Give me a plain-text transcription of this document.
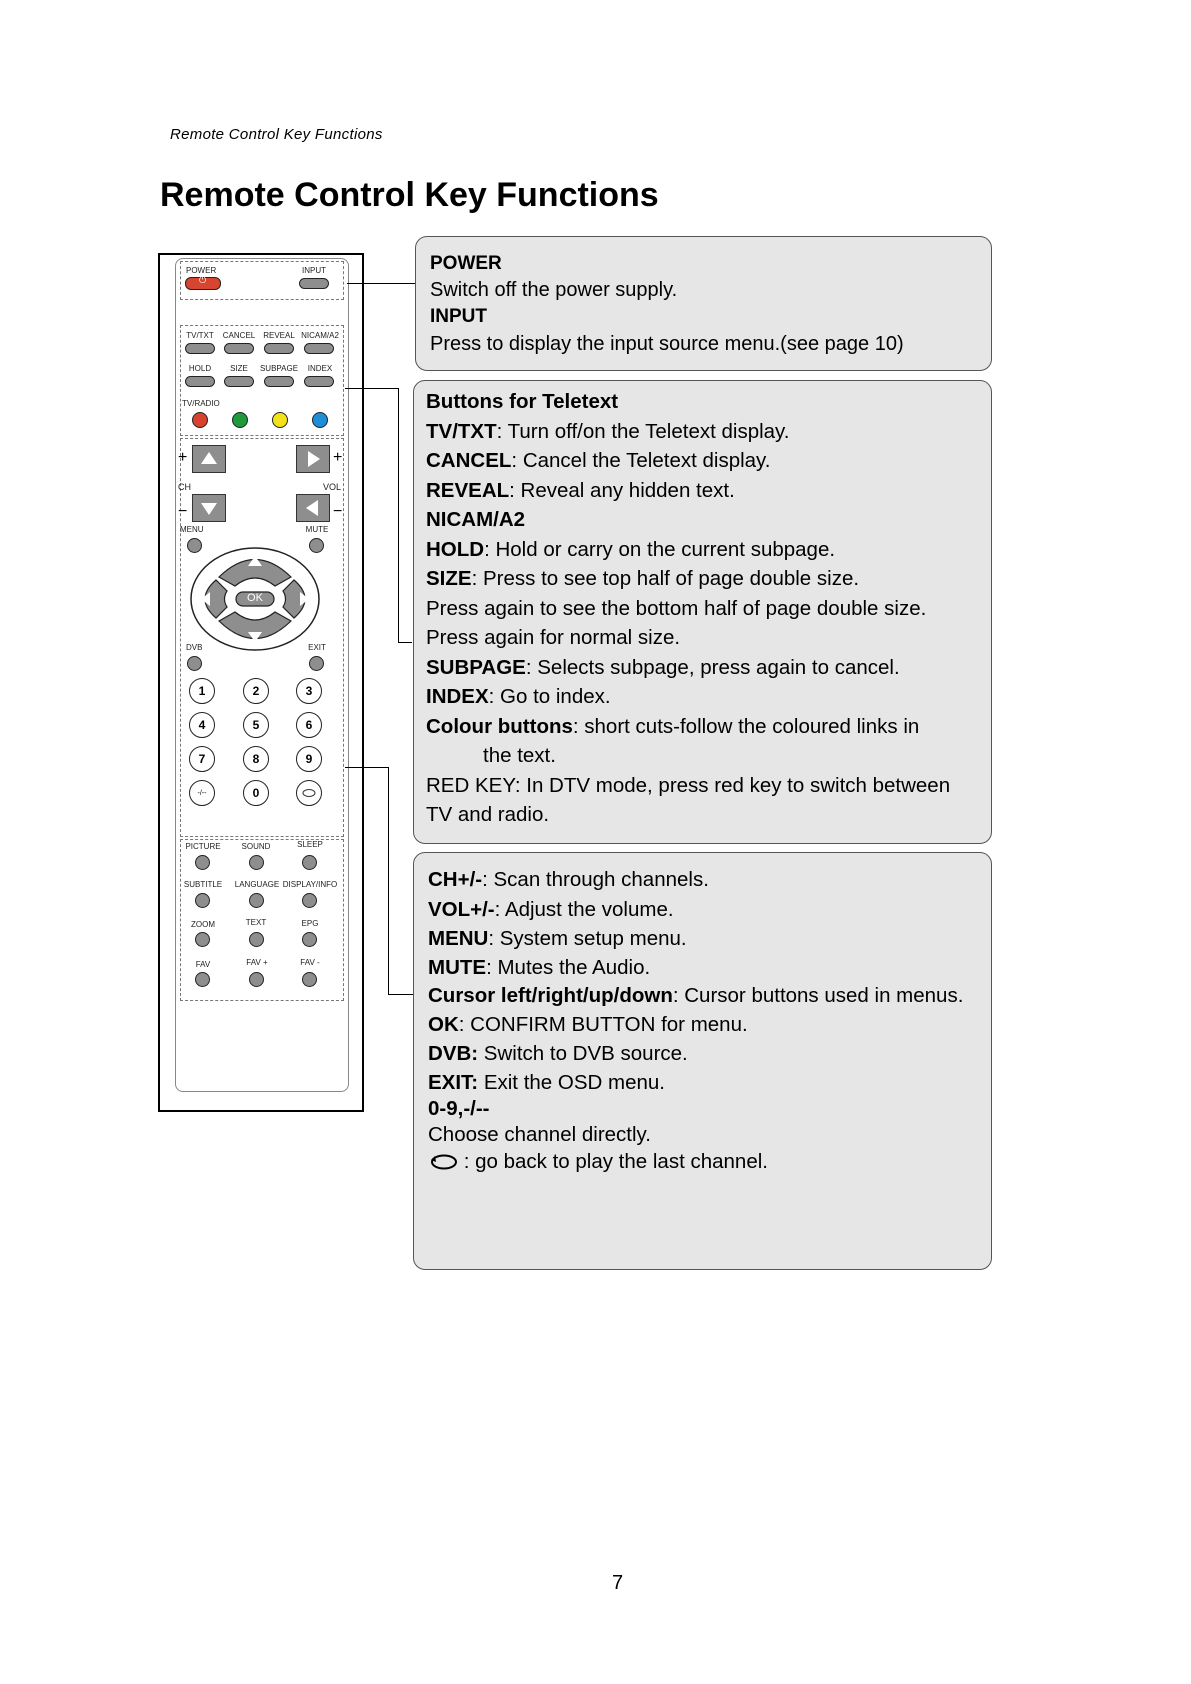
Remote Control Key Functions
Remote Control Key Functions
POWER	INPUT
⏻
TV/TXT CANCEL REVEAL NICAM/A2
HOLD SIZE SUBPAGE INDEX
TV/RADIO
+	+
CH	VOL
−	−
MENU	MUTE
OK
DVB	EXIT
1	2	3
4	5	6
7	8	9
-/--	0
PICTURE	SOUND	SLEEP
SUBTITLE LANGUAGE DISPLAY/INFO
ZOOM	TEXT	EPG
FAV	FAV +	FAV -
POWER
Switch off the power supply.
INPUT
Press to display the input source menu.(see page 10)
Buttons for Teletext
TV/TXT: Turn off/on the Teletext display.
CANCEL: Cancel the Teletext display.
REVEAL: Reveal any hidden text.
NICAM/A2
HOLD: Hold or carry on the current subpage.
SIZE: Press to see top half of page double size.
Press again to see the bottom half of page double size.
Press again for normal size.
SUBPAGE: Selects subpage, press again to cancel.
INDEX: Go to index.
Colour buttons: short cuts-follow the coloured links in
the text.
RED KEY: In DTV mode, press red key to switch between
TV and radio.
CH+/-: Scan through channels.
VOL+/-: Adjust the volume.
MENU: System setup menu.
MUTE: Mutes the Audio.
Cursor left/right/up/down: Cursor buttons used in menus.
OK: CONFIRM BUTTON for menu.
DVB: Switch to DVB source.
EXIT: Exit the OSD menu.
0-9,-/--
Choose channel directly.
: go back to play the last channel.
7
